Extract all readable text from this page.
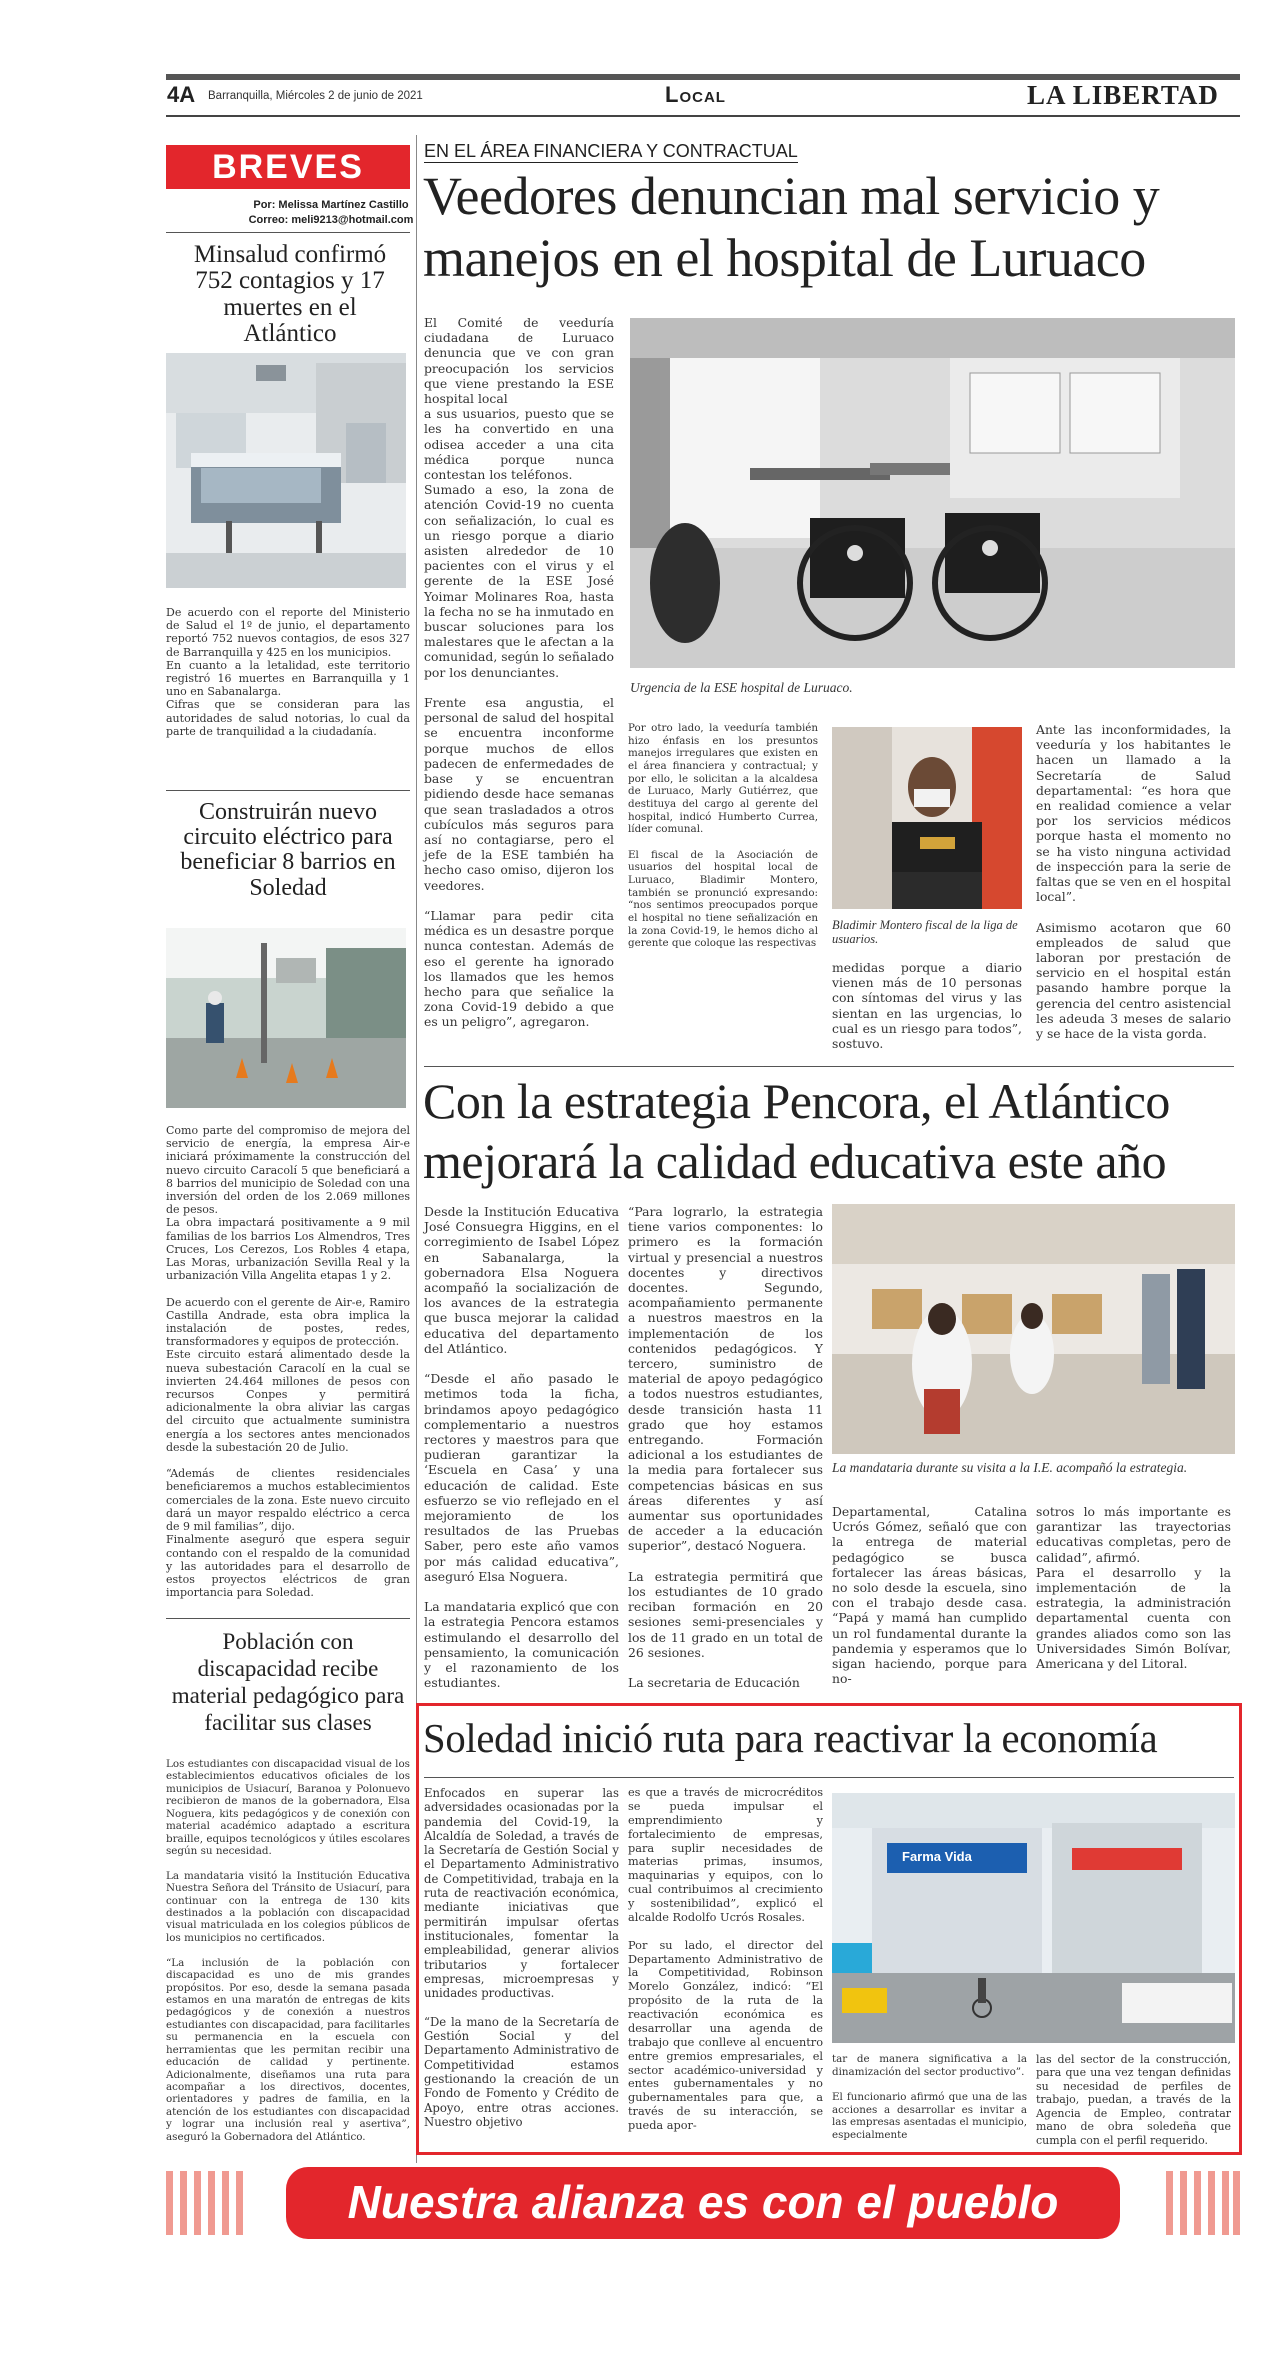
4A Barranquilla, Miércoles 2 de junio de 2021	Local	LA LIBERTAD
BREVES
Por: Melissa Martínez Castillo
Correo: meli9213@hotmail.com
Minsalud confirmó 752 contagios y 17 muertes en el Atlántico
De acuerdo con el reporte del Ministerio de Salud el 1º de junio, el departamento reportó 752 nuevos contagios, de esos 327 de Barranquilla y 425 en los municipios.
En cuanto a la letalidad, este territorio registró 16 muertes en Barranquilla y 1 uno en Sabanalarga.
Cifras que se consideran para las autoridades de salud notorias, lo cual da parte de tranquilidad a la ciudadanía.
Construirán nuevo circuito eléctrico para beneficiar 8 barrios en Soledad
Como parte del compromiso de mejora del servicio de energía, la empresa Air-e iniciará próximamente la construcción del nuevo circuito Caracolí 5 que beneficiará a 8 barrios del municipio de Soledad con una inversión del orden de los 2.069 millones de pesos.
La obra impactará positivamente a 9 mil familias de los barrios Los Almendros, Tres Cruces, Los Cerezos, Los Robles 4 etapa, Las Moras, urbanización Sevilla Real y la urbanización Villa Angelita etapas 1 y 2.

De acuerdo con el gerente de Air-e, Ramiro Castilla Andrade, esta obra implica la instalación de postes, redes, transformadores y equipos de protección.
Este circuito estará alimentado desde la nueva subestación Caracolí en la cual se invierten 24.464 millones de pesos con recursos Conpes y permitirá adicionalmente la obra aliviar las cargas del circuito que actualmente suministra energía a los sectores antes mencionados desde la subestación 20 de Julio.

“Además de clientes residenciales beneficiaremos a muchos establecimientos comerciales de la zona. Este nuevo circuito dará un mayor respaldo eléctrico a cerca de 9 mil familias”, dijo.
Finalmente aseguró que espera seguir contando con el respaldo de la comunidad y las autoridades para el desarrollo de estos proyectos eléctricos de gran importancia para Soledad.
Población con discapacidad recibe material pedagógico para facilitar sus clases
Los estudiantes con discapacidad visual de los establecimientos educativos oficiales de los municipios de Usiacurí, Baranoa y Polonuevo recibieron de manos de la gobernadora, Elsa Noguera, kits pedagógicos y de conexión con material académico adaptado a escritura braille, equipos tecnológicos y útiles escolares según su necesidad.

La mandataria visitó la Institución Educativa Nuestra Señora del Tránsito de Usiacurí, para continuar con la entrega de 130 kits destinados a la población con discapacidad visual matriculada en los colegios públicos de los municipios no certificados.

“La inclusión de la población con discapacidad es uno de mis grandes propósitos. Por eso, desde la semana pasada estamos en una maratón de entregas de kits pedagógicos y de conexión a nuestros estudiantes con discapacidad, para facilitarles su permanencia en la escuela con herramientas que les permitan recibir una educación de calidad y pertinente. Adicionalmente, diseñamos una ruta para acompañar a los directivos, docentes, orientadores y padres de familia, en la atención de los estudiantes con discapacidad y lograr una inclusión real y asertiva”, aseguró la Gobernadora del Atlántico.
EN EL ÁREA FINANCIERA Y CONTRACTUAL
Veedores denuncian mal servicio y
manejos en el hospital de Luruaco
El Comité de veeduría ciudadana de Luruaco denuncia que ve con gran preocupación los servicios que viene prestando la ESE hospital local
a sus usuarios, puesto que se les ha convertido en una odisea acceder a una cita médica porque nunca contestan los teléfonos.
Sumado a eso, la zona de atención Covid-19 no cuenta con señalización, lo cual es un riesgo porque a diario asisten alrededor de 10 pacientes con el virus y el gerente de la ESE José Yoimar Molinares Roa, hasta la fecha no se ha inmutado en buscar soluciones para los malestares que le afectan a la comunidad, según lo señalado por los denunciantes.

Frente esa angustia, el personal de salud del hospital se encuentra inconforme porque muchos de ellos padecen de enfermedades de base y se encuentran pidiendo desde hace semanas que sean trasladados a otros cubículos más seguros para así no contagiarse, pero el jefe de la ESE también ha hecho caso omiso, dijeron los veedores.

“Llamar para pedir cita médica es un desastre porque nunca contestan. Además de eso el gerente ha ignorado los llamados que les hemos hecho para que señalice la zona Covid-19 debido a que es un peligro”, agregaron.
Urgencia de la ESE hospital de Luruaco.
Por otro lado, la veeduría también hizo énfasis en los presuntos manejos irregulares que existen en el área financiera y contractual; y por ello, le solicitan a la alcaldesa de Luruaco, Marly Gutiérrez, que destituya del cargo al gerente del hospital, indicó Humberto Currea, líder comunal.

El fiscal de la Asociación de usuarios del hospital local de Luruaco, Bladimir Montero, también se pronunció expresando: “nos sentimos preocupados porque el hospital no tiene señalización en la zona Covid-19, le hemos dicho al gerente que coloque las respectivas
Bladimir Montero fiscal de la liga de usuarios.
medidas porque a diario vienen más de 10 personas con síntomas del virus y las sientan en las urgencias, lo cual es un riesgo para todos”, sostuvo.
Ante las inconformidades, la veeduría y los habitantes le hacen un llamado a la Secretaría de Salud departamental: “es hora que en realidad comience a velar por los servicios médicos porque hasta el momento no se ha visto ninguna actividad de inspección para la serie de faltas que se ven en el hospital local”.

Asimismo acotaron que 60 empleados de salud que laboran por prestación de servicio en el hospital están pasando hambre porque la gerencia del centro asistencial les adeuda 3 meses de salario y se hace de la vista gorda.
Con la estrategia Pencora, el Atlántico
mejorará la calidad educativa este año
Desde la Institución Educativa José Consuegra Higgins, en el corregimiento de Isabel López en Sabanalarga, la gobernadora Elsa Noguera acompañó la socialización de los avances de la estrategia que busca mejorar la calidad educativa del departamento del Atlántico.

“Desde el año pasado le metimos toda la ficha, brindamos apoyo pedagógico complementario a nuestros rectores y maestros para que pudieran garantizar la ‘Escuela en Casa’ y una educación de calidad. Este esfuerzo se vio reflejado en el mejoramiento de los resultados de las Pruebas Saber, pero este año vamos por más calidad educativa”, aseguró Elsa Noguera.

La mandataria explicó que con la estrategia Pencora estamos estimulando el desarrollo del pensamiento, la comunicación y el razonamiento de los estudiantes.
“Para lograrlo, la estrategia tiene varios componentes: lo primero es la formación virtual y presencial a nuestros docentes y directivos docentes. Segundo, acompañamiento permanente a nuestros maestros en la implementación de los contenidos pedagógicos. Y tercero, suministro de material de apoyo pedagógico a todos nuestros estudiantes, desde transición hasta 11 grado que hoy estamos entregando. Formación adicional a los estudiantes de la media para fortalecer sus competencias básicas en sus áreas diferentes y así aumentar sus oportunidades de acceder a la educación superior”, destacó Noguera.

La estrategia permitirá que los estudiantes de 10 grado reciban formación en 20 sesiones semi-presenciales y los de 11 grado en un total de 26 sesiones.

La secretaria de Educación
La mandataria durante su visita a la I.E. acompañó la estrategia.
Departamental, Catalina Ucrós Gómez, señaló que con la entrega de material pedagógico se busca fortalecer las áreas básicas, no solo desde la escuela, sino con el trabajo desde casa. “Papá y mamá han cumplido un rol fundamental durante la pandemia y esperamos que lo sigan haciendo, porque para no-
sotros lo más importante es garantizar las trayectorias educativas completas, pero de calidad”, afirmó.
Para el desarrollo y la implementación de la estrategia, la administración departamental cuenta con grandes aliados como son las Universidades Simón Bolívar, Americana y del Litoral.
Soledad inició ruta para reactivar la economía
Enfocados en superar las adversidades ocasionadas por la pandemia del Covid-19, la Alcaldía de Soledad, a través de la Secretaría de Gestión Social y el Departamento Administrativo de Competitividad, trabaja en la ruta de reactivación económica, mediante iniciativas que permitirán impulsar ofertas institucionales, fomentar la empleabilidad, generar alivios tributarios y fortalecer empresas, microempresas y unidades productivas.

“De la mano de la Secretaría de Gestión Social y del Departamento Administrativo de Competitividad estamos gestionando la creación de un Fondo de Fomento y Crédito de Apoyo, entre otras acciones. Nuestro objetivo
es que a través de microcréditos se pueda impulsar el emprendimiento y fortalecimiento de empresas, para suplir necesidades de materias primas, insumos, maquinarias y equipos, con lo cual contribuimos al crecimiento y sostenibilidad”, explicó el alcalde Rodolfo Ucrós Rosales.

Por su lado, el director del Departamento Administrativo de la Competitividad, Robinson Morelo González, indicó: “El propósito de la ruta de la reactivación económica es desarrollar una agenda de trabajo que conlleve al encuentro entre gremios empresariales, el sector académico-universidad y entes gubernamentales y no gubernamentales para que, a través de su interacción, se pueda apor-
Farma Vida
tar de manera significativa a la dinamización del sector productivo”.

El funcionario afirmó que una de las acciones a desarrollar es invitar a las empresas asentadas el municipio, especialmente
las del sector de la construcción, para que una vez tengan definidas su necesidad de perfiles de trabajo, puedan, a través de la Agencia de Empleo, contratar mano de obra soledeña que cumpla con el perfil requerido.
Nuestra alianza es con el pueblo
